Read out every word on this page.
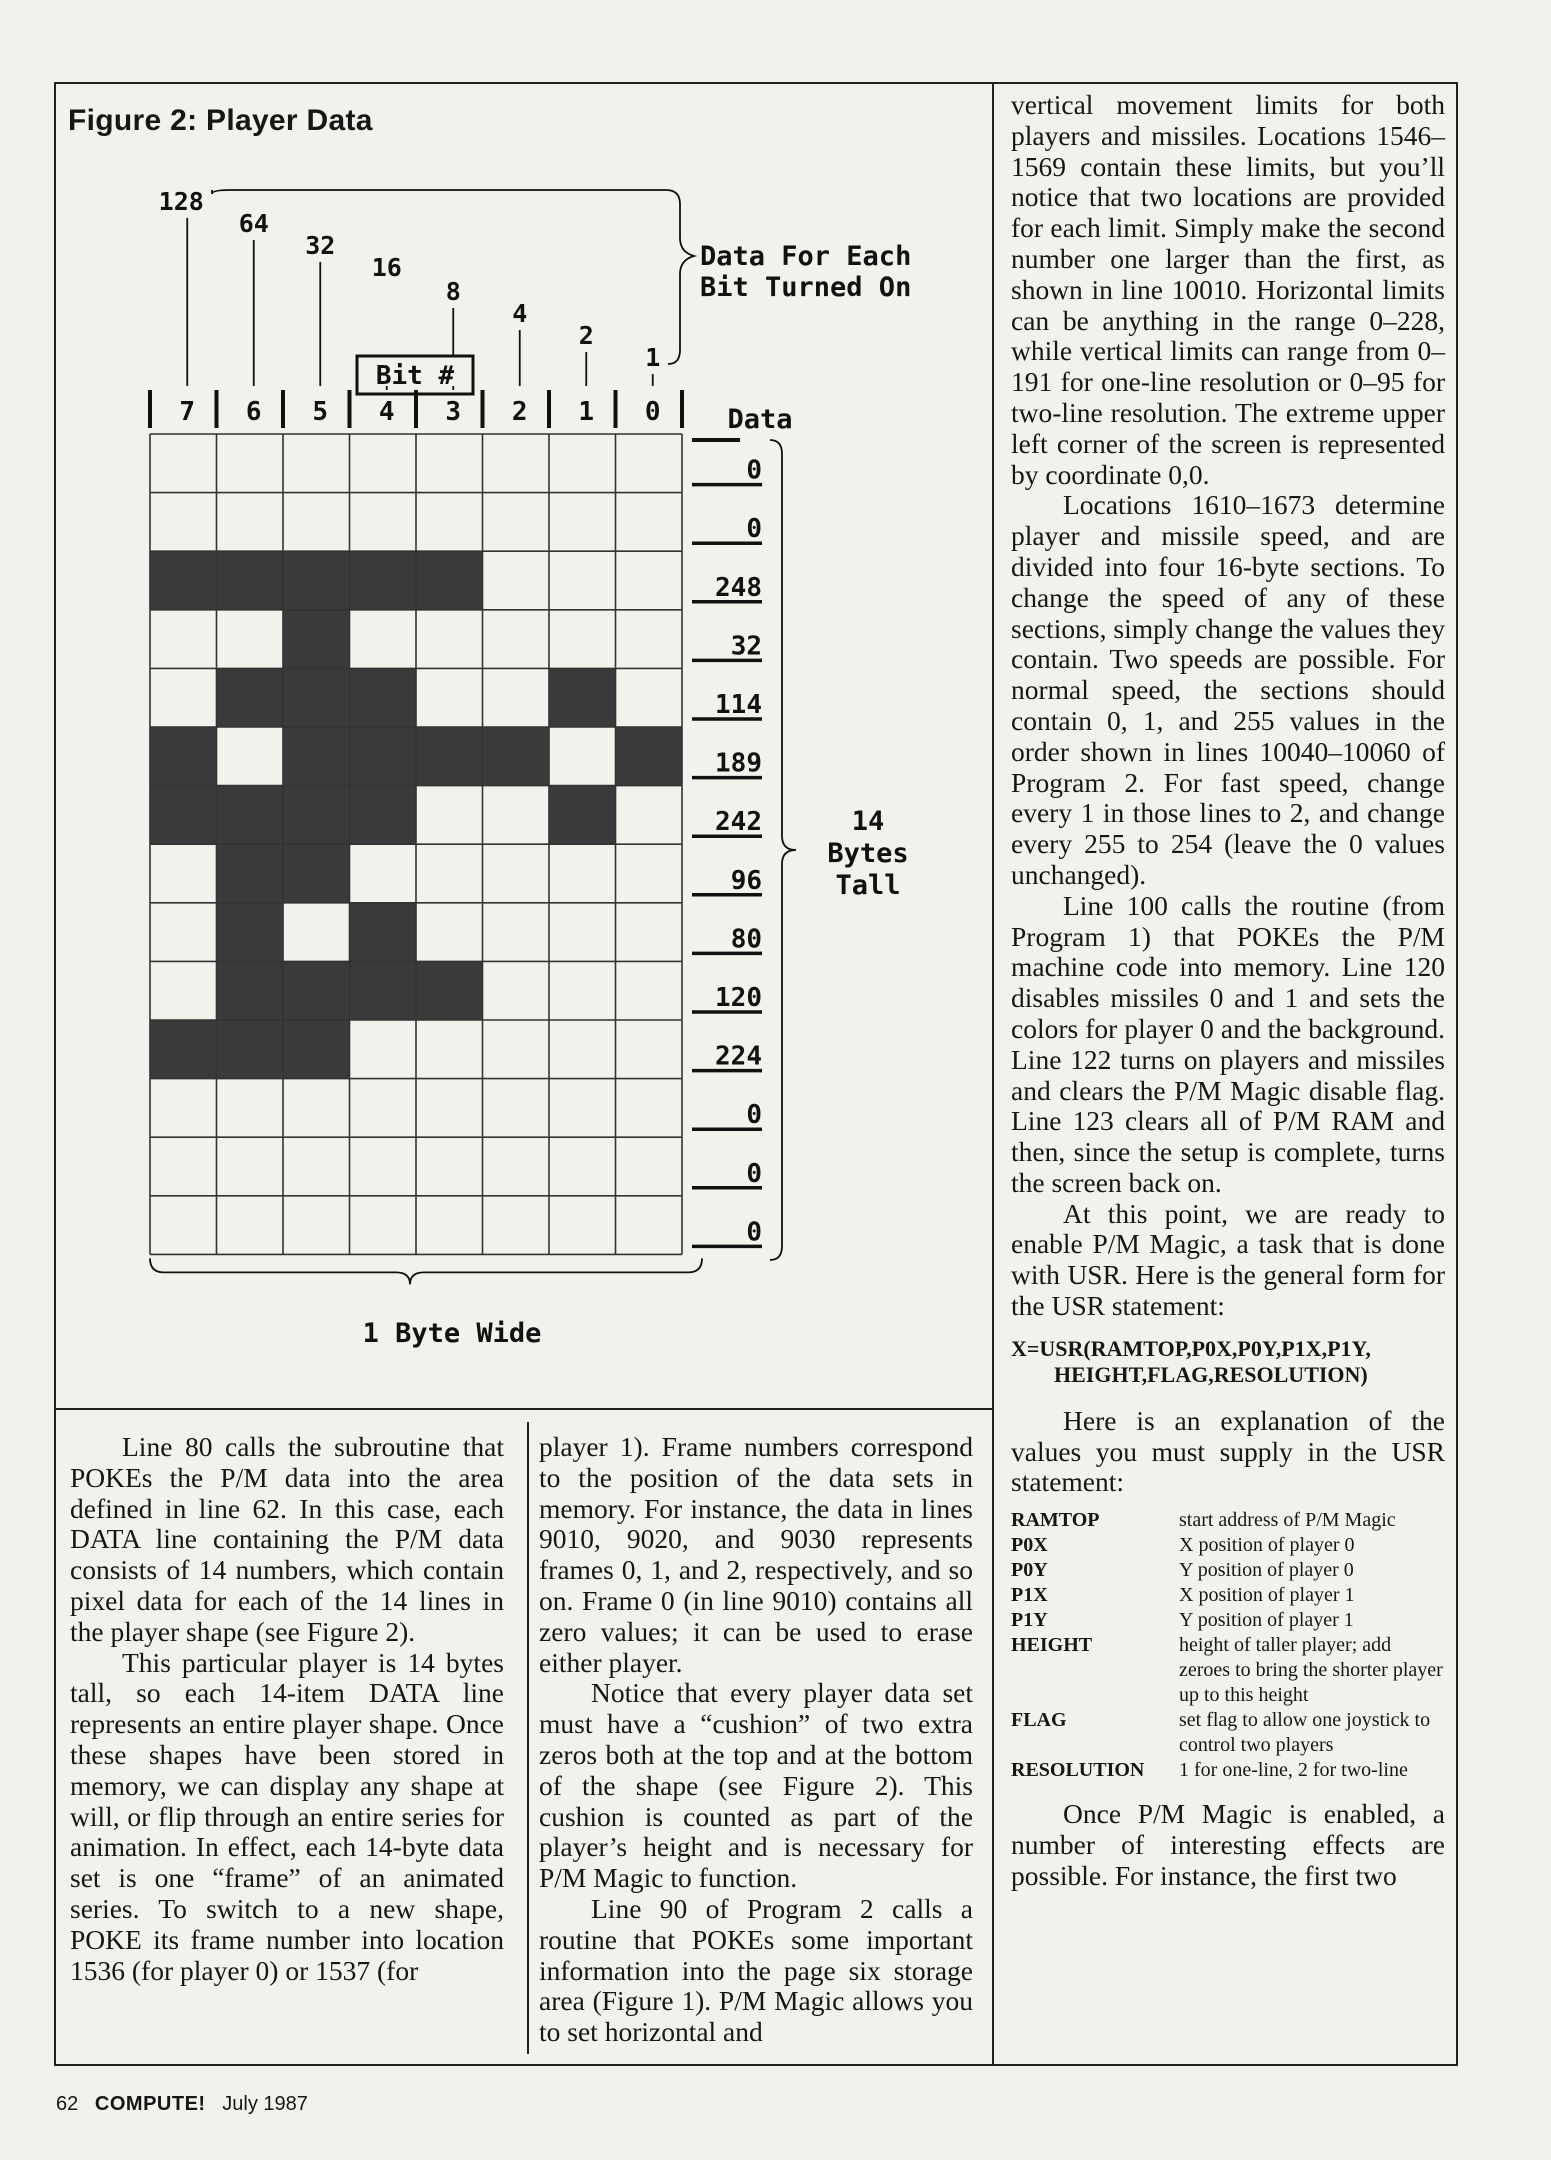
Figure 2: Player Data
7 6 5 4 3 2 1 0
128
64
32
16
8
4
2
1
Bit #
Data For Each
Bit Turned On
Data
0
0
248
32
114
189
242
96
80
120
224
0
0
0
14
Bytes
Tall
1 Byte Wide

Line 80 calls the subroutine that POKEs the P/M data into the area defined in line 62. In this case, each DATA line containing the P/M data consists of 14 numbers, which contain pixel data for each of the 14 lines in the player shape (see Figure 2).

This particular player is 14 bytes tall, so each 14-item DATA line represents an entire player shape. Once these shapes have been stored in memory, we can display any shape at will, or flip through an entire series for animation. In effect, each 14-byte data set is one “frame” of an animated series. To switch to a new shape, POKE its frame number into location 1536 (for player 0) or 1537 (for

player 1). Frame numbers correspond to the position of the data sets in memory. For instance, the data in lines 9010, 9020, and 9030 represents frames 0, 1, and 2, respectively, and so on. Frame 0 (in line 9010) contains all zero values; it can be used to erase either player.

Notice that every player data set must have a “cushion” of two extra zeros both at the top and at the bottom of the shape (see Figure 2). This cushion is counted as part of the player’s height and is necessary for P/M Magic to function.

Line 90 of Program 2 calls a routine that POKEs some important information into the page six storage area (Figure 1). P/M Magic allows you to set horizontal and

vertical movement limits for both players and missiles. Locations 1546–1569 contain these limits, but you’ll notice that two locations are provided for each limit. Simply make the second number one larger than the first, as shown in line 10010. Horizontal limits can be anything in the range 0–228, while vertical limits can range from 0–191 for one-line resolution or 0–95 for two-line resolution. The extreme upper left corner of the screen is represented by coordinate 0,0.

Locations 1610–1673 determine player and missile speed, and are divided into four 16-byte sections. To change the speed of any of these sections, simply change the values they contain. Two speeds are possible. For normal speed, the sections should contain 0, 1, and 255 values in the order shown in lines 10040–10060 of Program 2. For fast speed, change every 1 in those lines to 2, and change every 255 to 254 (leave the 0 values unchanged).

Line 100 calls the routine (from Program 1) that POKEs the P/M machine code into memory. Line 120 disables missiles 0 and 1 and sets the colors for player 0 and the background. Line 122 turns on players and missiles and clears the P/M Magic disable flag. Line 123 clears all of P/M RAM and then, since the setup is complete, turns the screen back on.

At this point, we are ready to enable P/M Magic, a task that is done with USR. Here is the general form for the USR statement:

X=USR(RAMTOP,P0X,P0Y,P1X,P1Y,
HEIGHT,FLAG,RESOLUTION)

Here is an explanation of the values you must supply in the USR statement:

RAMTOP	start address of P/M Magic
P0X	X position of player 0
P0Y	Y position of player 0
P1X	X position of player 1
P1Y	Y position of player 1
HEIGHT	height of taller player; add zeroes to bring the shorter player up to this height
FLAG	set flag to allow one joystick to control two players
RESOLUTION	1 for one-line, 2 for two-line

Once P/M Magic is enabled, a number of interesting effects are possible. For instance, the first two

62 COMPUTE! July 1987
